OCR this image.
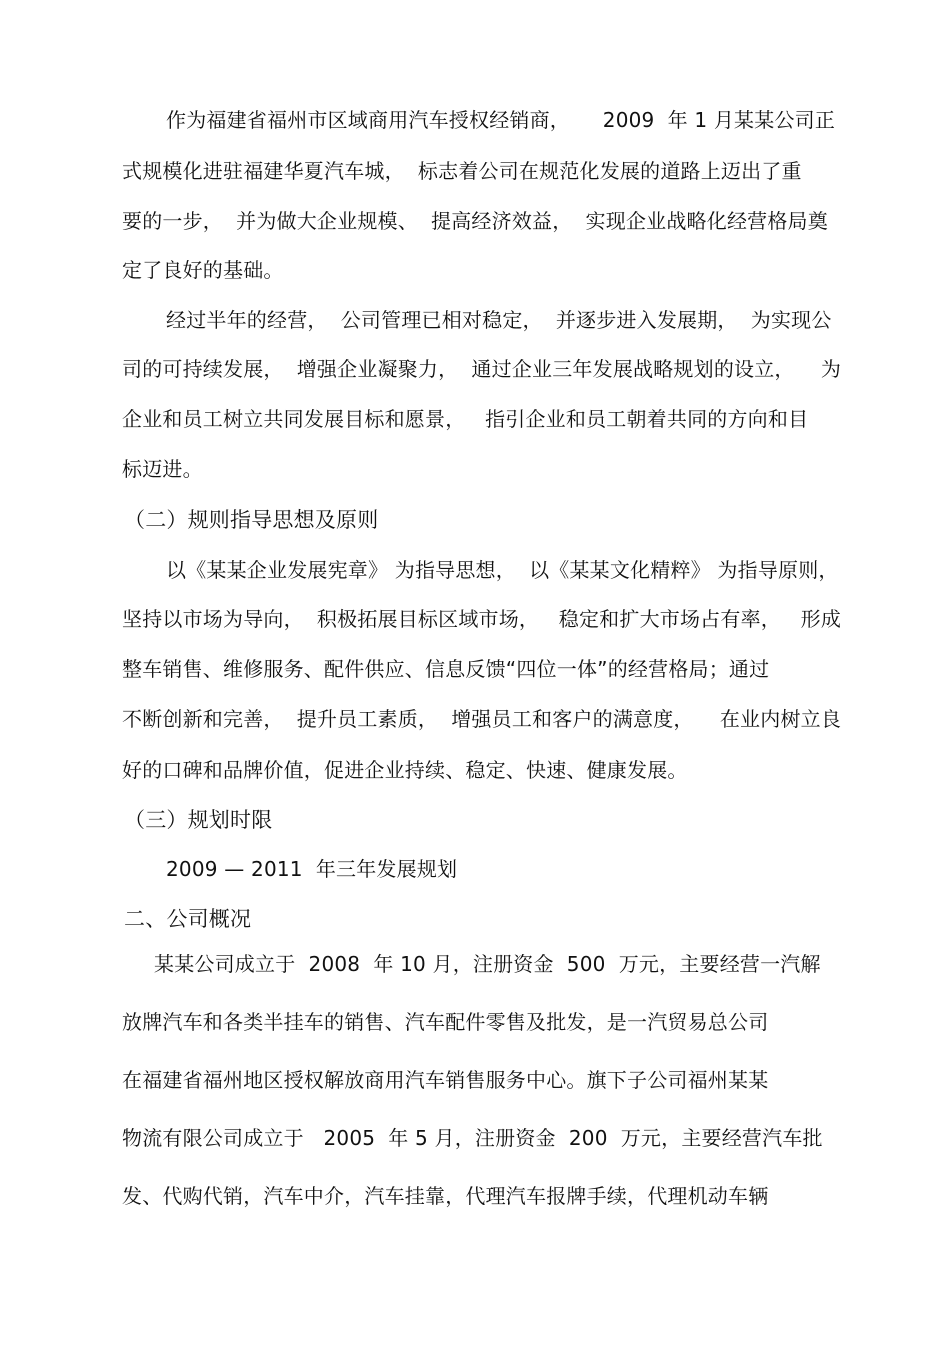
作为福建省福州市区域商用汽车授权经销商，     2009  年 1 月某某公司正
式规模化进驻福建华夏汽车城，  标志着公司在规范化发展的道路上迈出了重
要的一步，  并为做大企业规模、  提高经济效益，  实现企业战略化经营格局奠
定了良好的基础。
经过半年的经营，  公司管理已相对稳定，  并逐步进入发展期，  为实现公
司的可持续发展，  增强企业凝聚力，  通过企业三年发展战略规划的设立，    为
企业和员工树立共同发展目标和愿景，   指引企业和员工朝着共同的方向和目
标迈进。
（二）规则指导思想及原则
以《某某企业发展宪章》 为指导思想，  以《某某文化精粹》 为指导原则，
坚持以市场为导向，  积极拓展目标区域市场，   稳定和扩大市场占有率，   形成
整车销售、维修服务、配件供应、信息反馈“四位一体”的经营格局；通过
不断创新和完善，  提升员工素质，  增强员工和客户的满意度，    在业内树立良
好的口碑和品牌价值，促进企业持续、稳定、快速、健康发展。
（三）规划时限
2009 — 2011  年三年发展规划
二、公司概况
某某公司成立于  2008  年 10 月，注册资金  500  万元，主要经营一汽解
放牌汽车和各类半挂车的销售、汽车配件零售及批发，是一汽贸易总公司
在福建省福州地区授权解放商用汽车销售服务中心。旗下子公司福州某某
物流有限公司成立于   2005  年 5 月，注册资金  200  万元，主要经营汽车批
发、代购代销，汽车中介，汽车挂靠，代理汽车报牌手续，代理机动车辆
